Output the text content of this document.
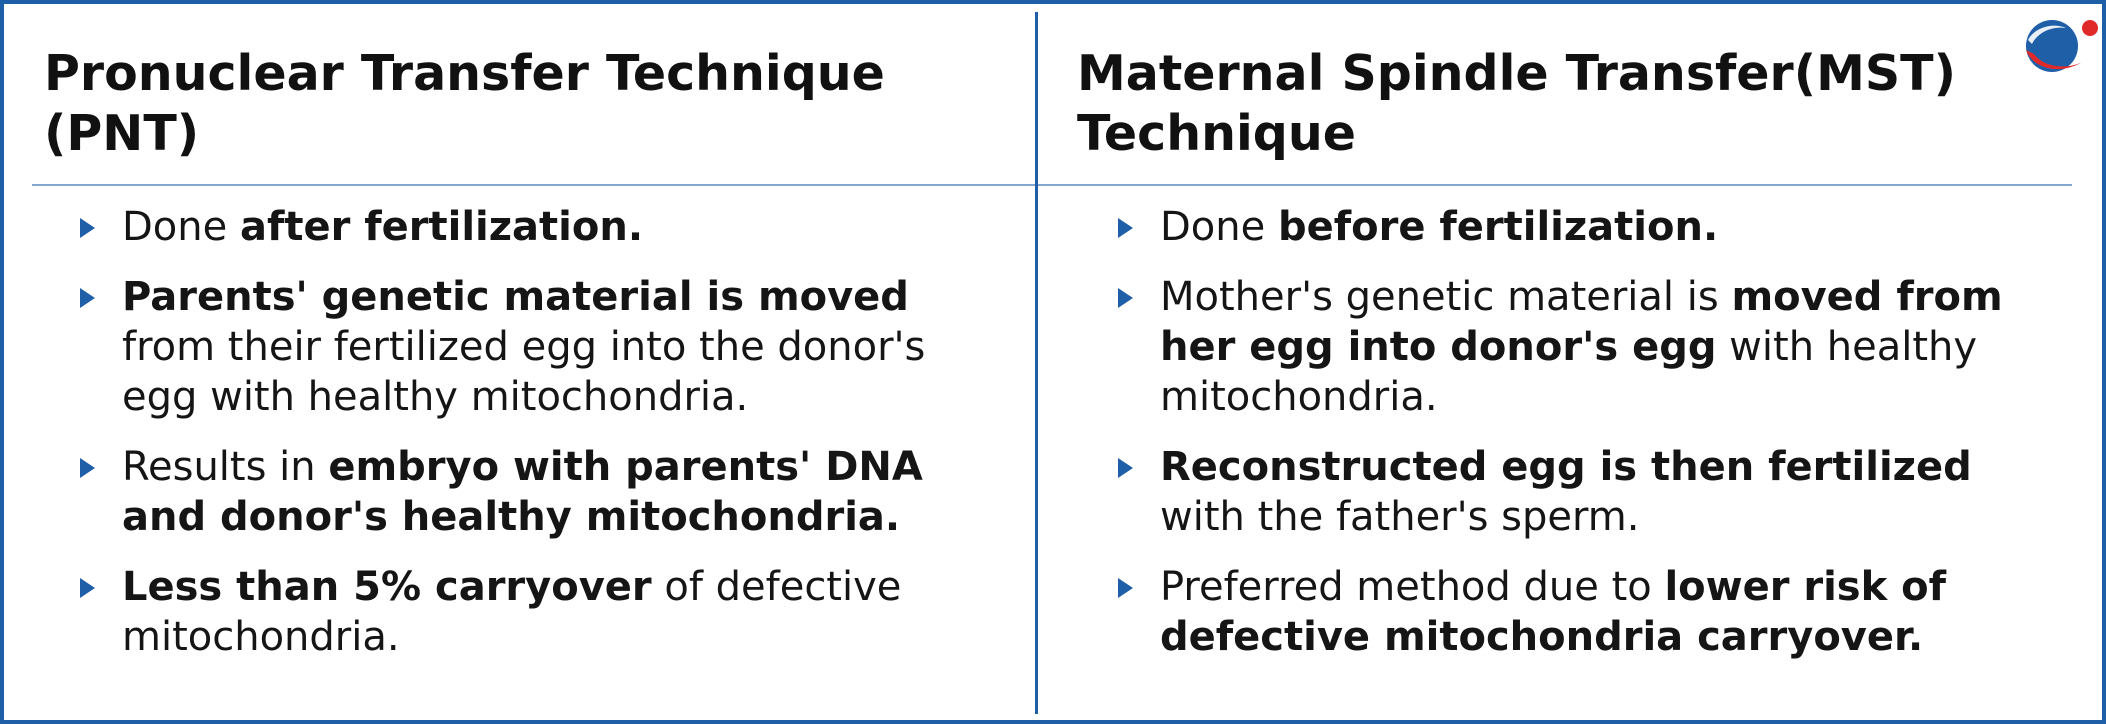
Pronuclear Transfer Technique (PNT)
Maternal Spindle Transfer(MST) Technique
Done after fertilization.
Parents' genetic material is moved from their fertilized egg into the donor's egg with healthy mitochondria.
Results in embryo with parents' DNA and donor's healthy mitochondria.
Less than 5% carryover of defective mitochondria.
Done before fertilization.
Mother's genetic material is moved from her egg into donor's egg with healthy mitochondria.
Reconstructed egg is then fertilized with the father's sperm.
Preferred method due to lower risk of defective mitochondria carryover.
